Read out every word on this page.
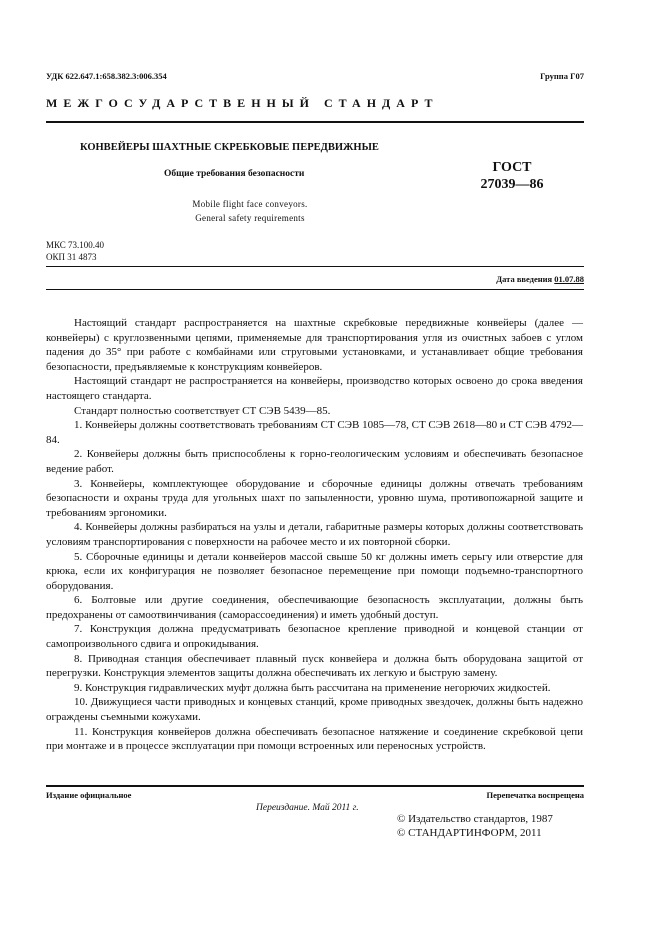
УДК 622.647.1:658.382.3:006.354	Группа Г07
МЕЖГОСУДАРСТВЕННЫЙ СТАНДАРТ
КОНВЕЙЕРЫ ШАХТНЫЕ СКРЕБКОВЫЕ ПЕРЕДВИЖНЫЕ
Общие требования безопасности
Mobile flight face conveyors.
General safety requirements
ГОСТ
27039—86
МКС 73.100.40
ОКП 31 4873
Дата введения 01.07.88

Настоящий стандарт распространяется на шахтные скребковые передвижные конвейеры (далее — конвейеры) с круглозвенными цепями, применяемые для транспортирования угля из очистных забоев с углом падения до 35° при работе с комбайнами или струговыми установками, и устанавливает общие требования безопасности, предъявляемые к конструкциям конвейеров.

Настоящий стандарт не распространяется на конвейеры, производство которых освоено до срока введения настоящего стандарта.

Стандарт полностью соответствует СТ СЭВ 5439—85.

1. Конвейеры должны соответствовать требованиям СТ СЭВ 1085—78, СТ СЭВ 2618—80 и СТ СЭВ 4792—84.

2. Конвейеры должны быть приспособлены к горно-геологическим условиям и обеспечивать безопасное ведение работ.

3. Конвейеры, комплектующее оборудование и сборочные единицы должны отвечать требованиям безопасности и охраны труда для угольных шахт по запыленности, уровню шума, противопожарной защите и требованиям эргономики.

4. Конвейеры должны разбираться на узлы и детали, габаритные размеры которых должны соответствовать условиям транспортирования с поверхности на рабочее место и их повторной сборки.

5. Сборочные единицы и детали конвейеров массой свыше 50 кг должны иметь серьгу или отверстие для крюка, если их конфигурация не позволяет безопасное перемещение при помощи подъемно-транспортного оборудования.

6. Болтовые или другие соединения, обеспечивающие безопасность эксплуатации, должны быть предохранены от самоотвинчивания (саморассоединения) и иметь удобный доступ.

7. Конструкция должна предусматривать безопасное крепление приводной и концевой станции от самопроизвольного сдвига и опрокидывания.

8. Приводная станция обеспечивает плавный пуск конвейера и должна быть оборудована защитой от перегрузки. Конструкция элементов защиты должна обеспечивать их легкую и быструю замену.

9. Конструкция гидравлических муфт должна быть рассчитана на применение негорючих жидкостей.

10. Движущиеся части приводных и концевых станций, кроме приводных звездочек, должны быть надежно ограждены съемными кожухами.

11. Конструкция конвейеров должна обеспечивать безопасное натяжение и соединение скребковой цепи при монтаже и в процессе эксплуатации при помощи встроенных или переносных устройств.

Издание официальное	Перепечатка воспрещена
Переиздание. Май 2011 г.
© Издательство стандартов, 1987
© СТАНДАРТИНФОРМ, 2011
